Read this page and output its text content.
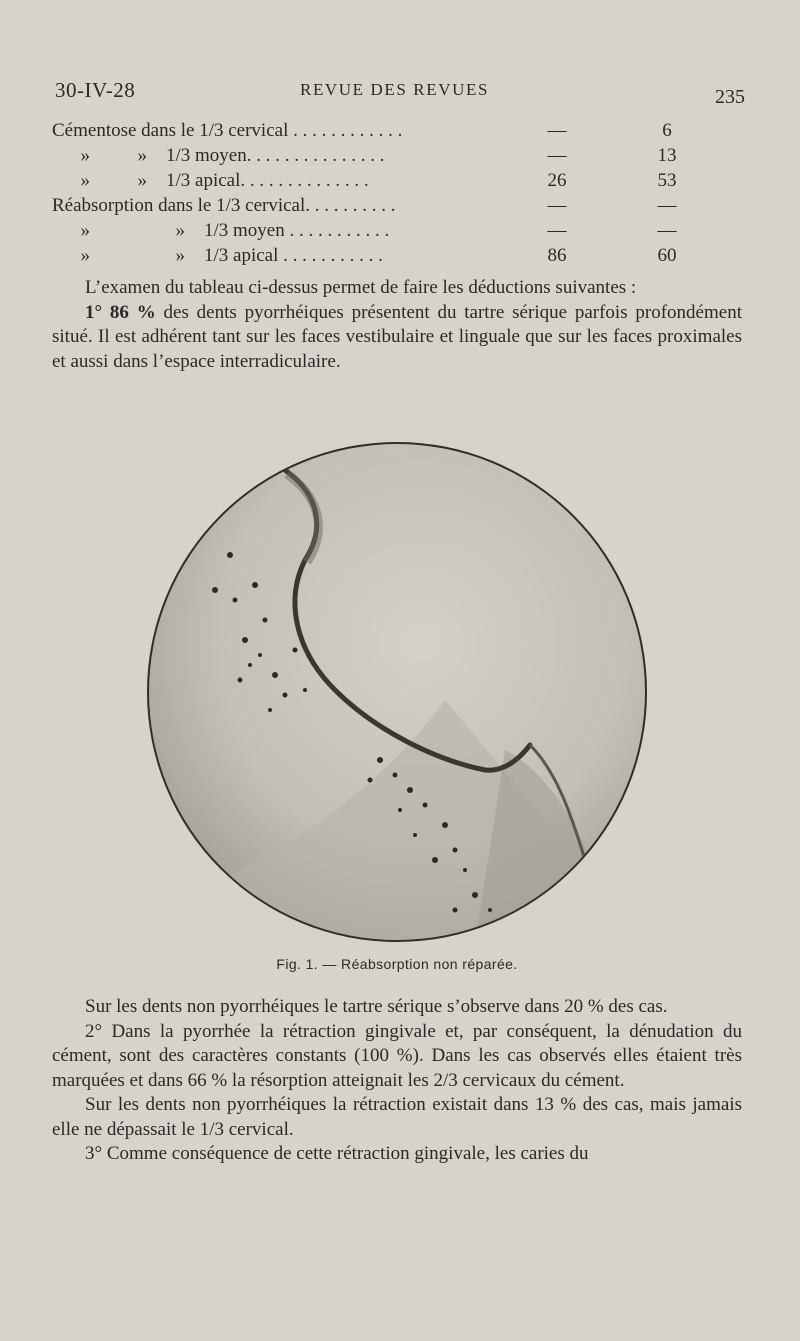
30-IV-28	REVUE DES REVUES	235
Cémentose dans le 1/3 cervical . . . . . . . . . . . .	—	6
»          »    1/3 moyen. . . . . . . . . . . . . . .	—	13
»          »    1/3 apical. . . . . . . . . . . . . .	26	53
Réabsorption dans le 1/3 cervical. . . . . . . . . .	—	—
»                  »    1/3 moyen . . . . . . . . . . .	—	—
»                  »    1/3 apical . . . . . . . . . . .	86	60

L’examen du tableau ci-dessus permet de faire les déductions suivantes :

1° 86 % des dents pyorrhéiques présentent du tartre sérique parfois profondément situé. Il est adhérent tant sur les faces vestibulaire et linguale que sur les faces proximales et aussi dans l’espace interradiculaire.

Fig. 1. — Réabsorption non réparée.

Sur les dents non pyorrhéiques le tartre sérique s’observe dans 20 % des cas.

2° Dans la pyorrhée la rétraction gingivale et, par conséquent, la dénudation du cément, sont des caractères constants (100 %). Dans les cas observés elles étaient très marquées et dans 66 % la résorption atteignait les 2/3 cervicaux du cément.

Sur les dents non pyorrhéiques la rétraction existait dans 13 % des cas, mais jamais elle ne dépassait le 1/3 cervical.

3° Comme conséquence de cette rétraction gingivale, les caries du
